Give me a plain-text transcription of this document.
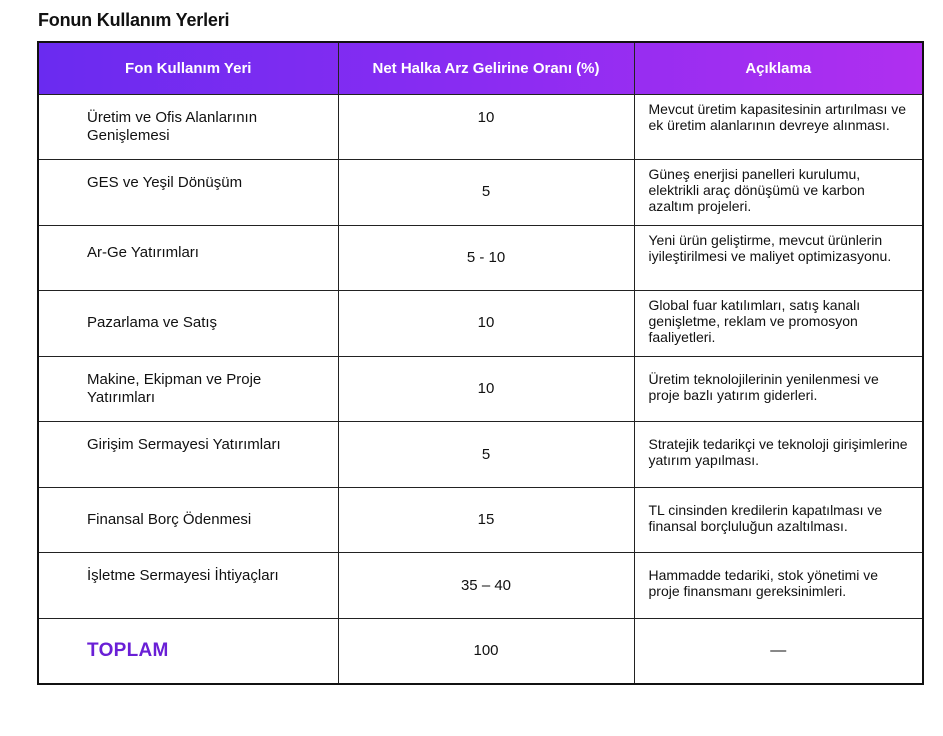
Fonun Kullanım Yerleri
Fon Kullanım Yeri	Net Halka Arz Gelirine Oranı (%)	Açıklama
Üretim ve Ofis Alanlarının Genişlemesi	10	Mevcut üretim kapasitesinin artırılması ve ek üretim alanlarının devreye alınması.
GES ve Yeşil Dönüşüm	5	Güneş enerjisi panelleri kurulumu, elektrikli araç dönüşümü ve karbon azaltım projeleri.
Ar-Ge Yatırımları	5 - 10	Yeni ürün geliştirme, mevcut ürünlerin iyileştirilmesi ve maliyet optimizasyonu.
Pazarlama ve Satış	10	Global fuar katılımları, satış kanalı genişletme, reklam ve promosyon faaliyetleri.
Makine, Ekipman ve Proje Yatırımları	10	Üretim teknolojilerinin yenilenmesi ve proje bazlı yatırım giderleri.
Girişim Sermayesi Yatırımları	5	Stratejik tedarikçi ve teknoloji girişimlerine yatırım yapılması.
Finansal Borç Ödenmesi	15	TL cinsinden kredilerin kapatılması ve finansal borçluluğun azaltılması.
İşletme Sermayesi İhtiyaçları	35 – 40	Hammadde tedariki, stok yönetimi ve proje finansmanı gereksinimleri.
TOPLAM	100	—
